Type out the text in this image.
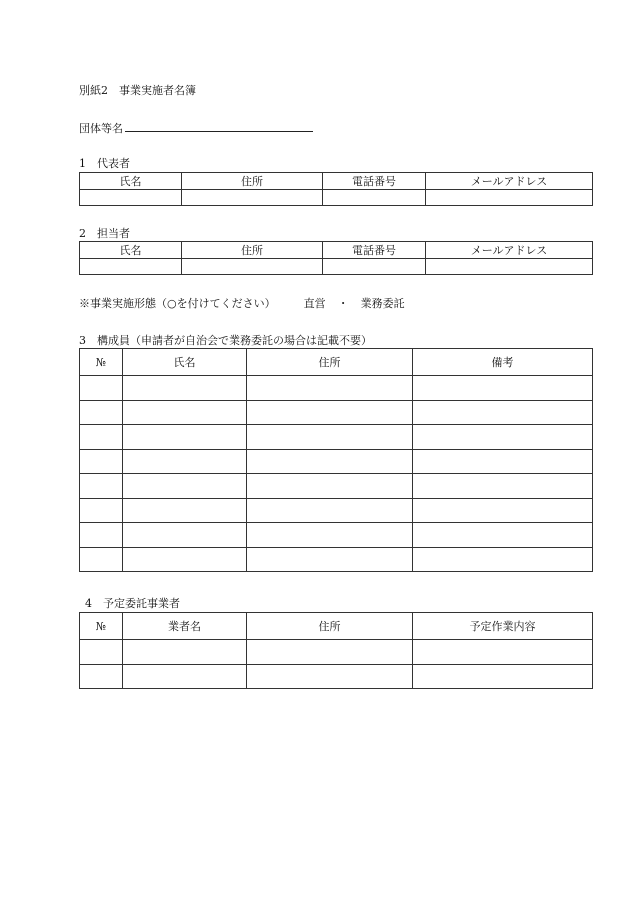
別紙2　事業実施者名簿
団体等名
1　代表者
氏名	住所	電話番号	メールアドレス

2　担当者
氏名	住所	電話番号	メールアドレス

※事業実施形態（○を付けてください）	直営 ・ 業務委託
3　構成員（申請者が自治会で業務委託の場合は記載不要）
№	氏名	住所	備考

4　予定委託事業者
№	業者名	住所	予定作業内容
